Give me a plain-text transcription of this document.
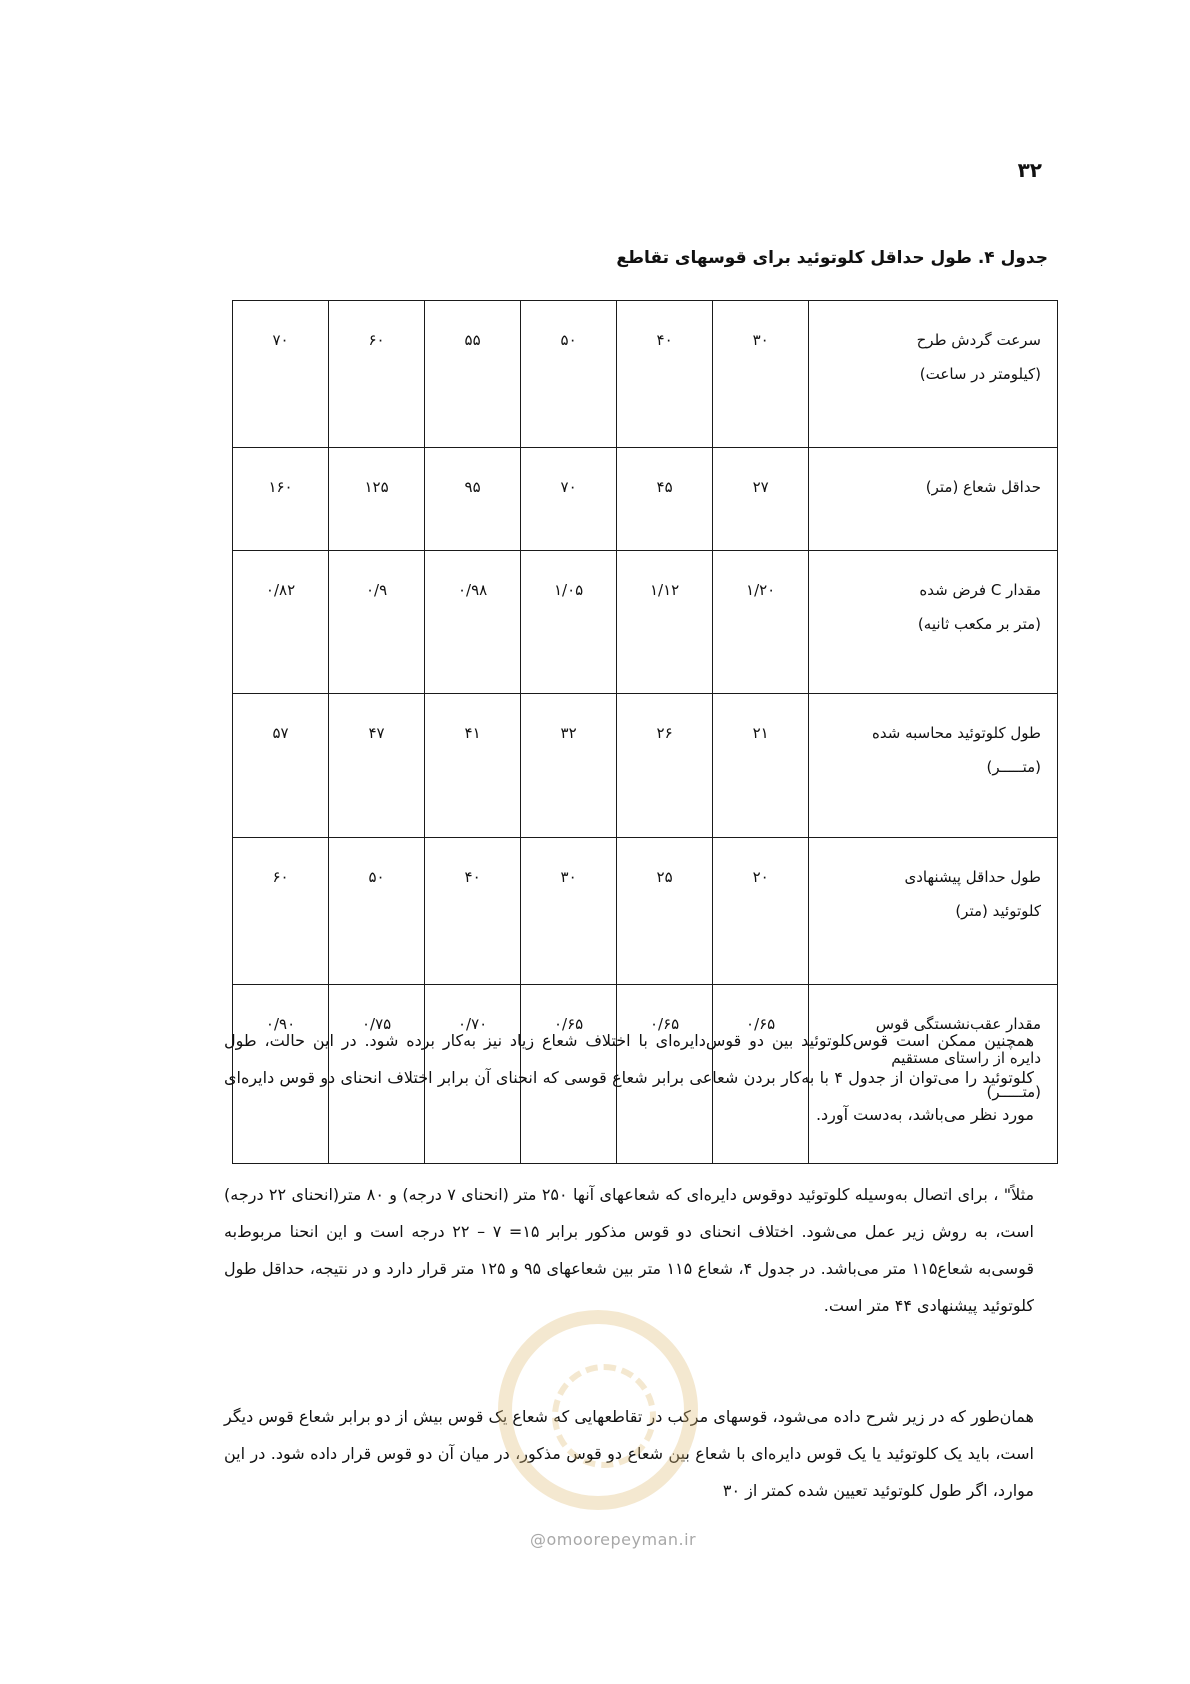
۳۲
جدول ۴. طول حداقل کلوتوئید برای قوسهای تقاطع
سرعت گردش طرح
(کیلومتر در ساعت)	۳۰	۴۰	۵۰	۵۵	۶۰	۷۰

حداقل شعاع (متر)	۲۷	۴۵	۷۰	۹۵	۱۲۵	۱۶۰

مقدار C فرض شده
(متر بر مکعب ثانیه)	۱/۲۰	۱/۱۲	۱/۰۵	۰/۹۸	۰/۹	۰/۸۲

طول کلوتوئید محاسبه شده
(متـــــر)	۲۱	۲۶	۳۲	۴۱	۴۷	۵۷

طول حداقل پیشنهادی
کلوتوئید (متر)	۲۰	۲۵	۳۰	۴۰	۵۰	۶۰

مقدار عقب‌نشستگی قوس
دایره از راستای مستقیم
(متـــــر)	۰/۶۵	۰/۶۵	۰/۶۵	۰/۷۰	۰/۷۵	۰/۹۰
همچنین ممکن است قوس‌کلوتوئید بین دو قوس‌دایره‌ای با اختلاف شعاع زیاد نیز به‌کار برده شود. در این حالت، طول کلوتوئید را می‌توان از جدول ۴ با به‌کار بردن شعاعی برابر شعاع قوسی که انحنای آن برابر اختلاف انحنای دو قوس دایره‌ای مورد نظر می‌باشد، به‌دست آورد.
مثلاً" ، برای اتصال به‌وسیله کلوتوئید دوقوس دایره‌ای که شعاعهای آنها ۲۵۰ متر (انحنای ۷ درجه) و ۸۰ متر(انحنای ۲۲ درجه) است، به روش زیر عمل می‌شود. اختلاف انحنای دو قوس مذکور برابر ۱۵= ۷ – ۲۲ درجه است و این انحنا مربوط‌به قوسی‌به شعاع‌۱۱۵ متر می‌باشد. در جدول ۴، شعاع ۱۱۵ متر بین شعاعهای ۹۵ و ۱۲۵ متر قرار دارد و در نتیجه، حداقل طول کلوتوئید پیشنهادی ۴۴ متر است.
همان‌طور که در زیر شرح داده می‌شود، قوسهای مرکب در تقاطعهایی که شعاع یک قوس بیش از دو برابر شعاع قوس دیگر است، باید یک کلوتوئید یا یک قوس دایره‌ای با شعاع بین شعاع دو قوس مذکور، در میان آن دو قوس قرار داده شود. در این موارد، اگر طول کلوتوئید تعیین شده کمتر از ۳۰
@omoorepeyman.ir
